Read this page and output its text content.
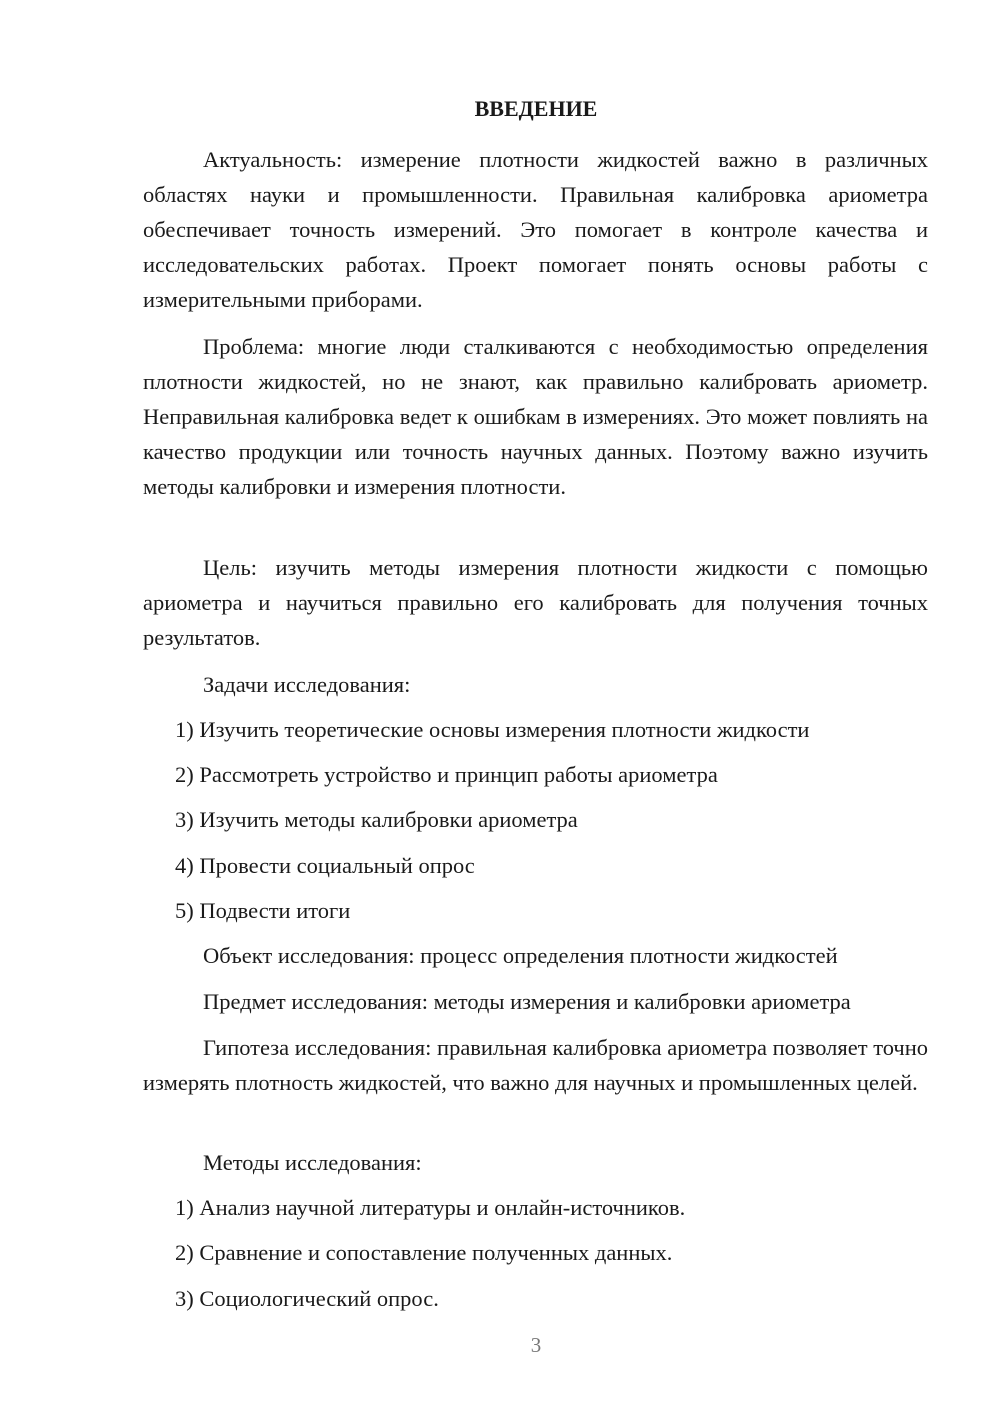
ВВЕДЕНИЕ

Актуальность: измерение плотности жидкостей важно в различных областях науки и промышленности. Правильная калибровка ариометра обеспечивает точность измерений. Это помогает в контроле качества и исследовательских работах. Проект помогает понять основы работы с измерительными приборами.

Проблема: многие люди сталкиваются с необходимостью определения плотности жидкостей, но не знают, как правильно калибровать ариометр. Неправильная калибровка ведет к ошибкам в измерениях. Это может повлиять на качество продукции или точность научных данных. Поэтому важно изучить методы калибровки и измерения плотности.

Цель: изучить методы измерения плотности жидкости с помощью ариометра и научиться правильно его калибровать для получения точных результатов.

Задачи исследования:
1) Изучить теоретические основы измерения плотности жидкости
2) Рассмотреть устройство и принцип работы ариометра
3) Изучить методы калибровки ариометра
4) Провести социальный опрос
5) Подвести итоги
Объект исследования: процесс определения плотности жидкостей
Предмет исследования: методы измерения и калибровки ариометра

Гипотеза исследования: правильная калибровка ариометра позволяет точно измерять плотность жидкостей, что важно для научных и промышленных целей.

Методы исследования:
1) Анализ научной литературы и онлайн-источников.
2) Сравнение и сопоставление полученных данных.
3) Социологический опрос.
3
